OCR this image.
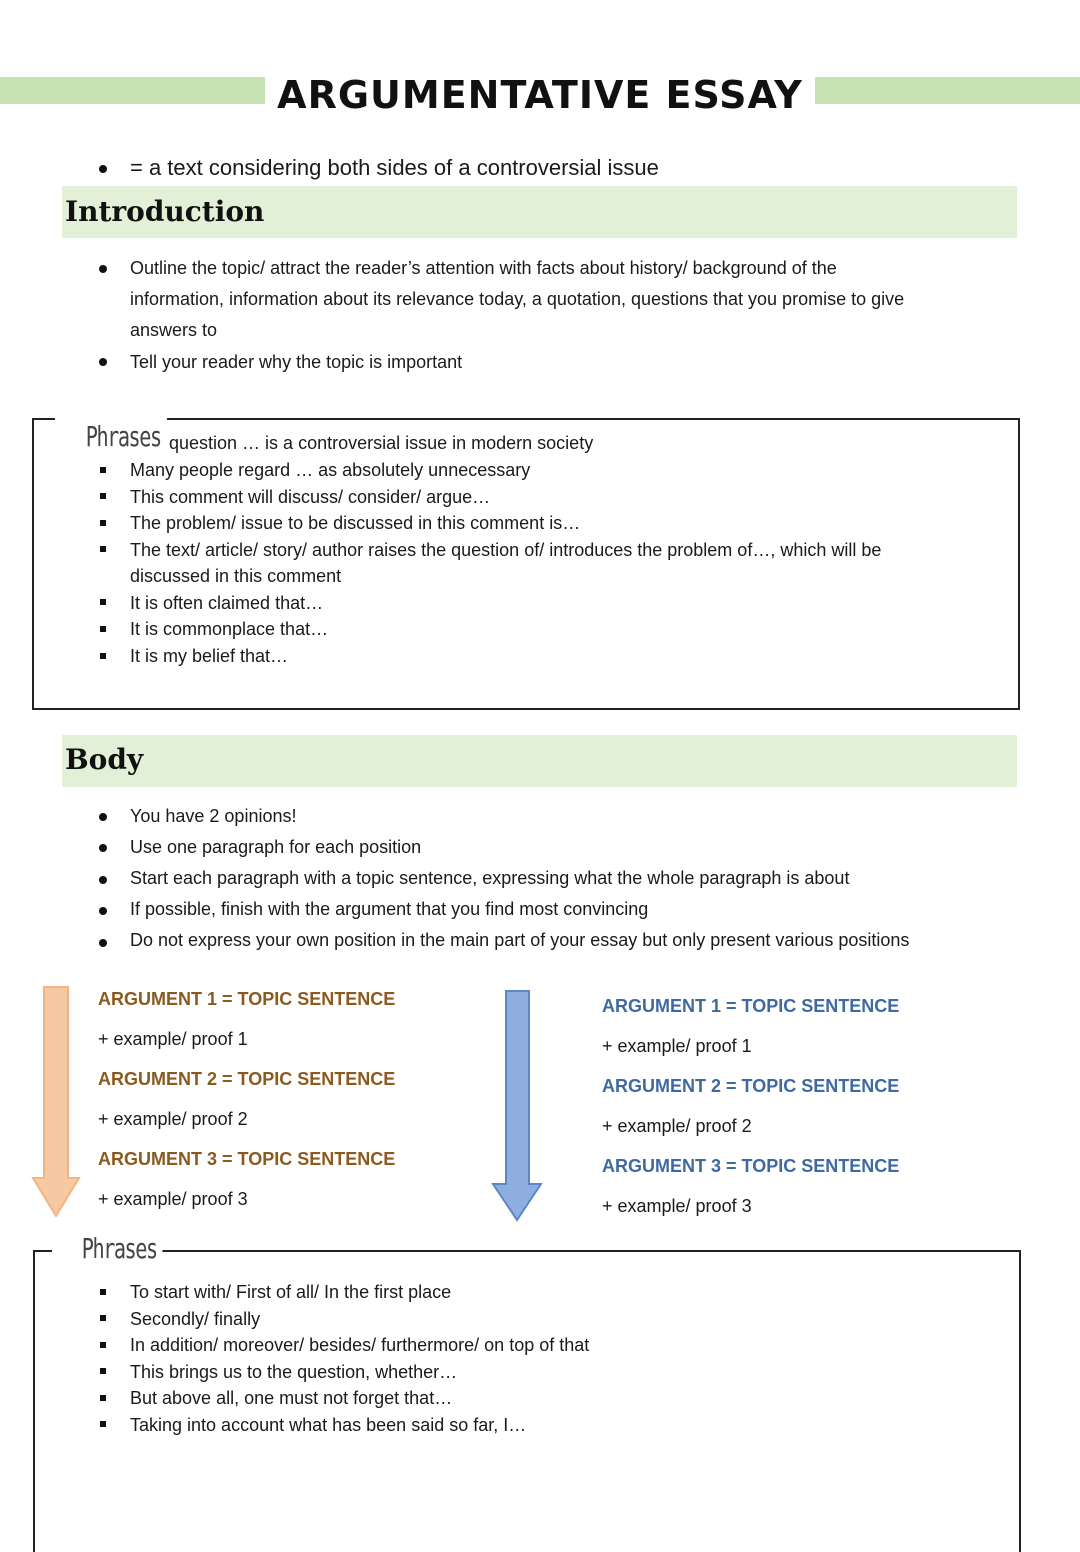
ARGUMENTATIVE ESSAY
= a text considering both sides of a controversial issue
Introduction
Outline the topic/ attract the reader’s attention with facts about history/ background of the
information, information about its relevance today, a quotation, questions that you promise to give
answers to
Tell your reader why the topic is important
Phrases question … is a controversial issue in modern society
Many people regard … as absolutely unnecessary
This comment will discuss/ consider/ argue…
The problem/ issue to be discussed in this comment is…
The text/ article/ story/ author raises the question of/ introduces the problem of…, which will be
discussed in this comment
It is often claimed that…
It is commonplace that…
It is my belief that…
Body
You have 2 opinions!
Use one paragraph for each position
Start each paragraph with a topic sentence, expressing what the whole paragraph is about
If possible, finish with the argument that you find most convincing
Do not express your own position in the main part of your essay but only present various positions
ARGUMENT 1 = TOPIC SENTENCE
+ example/ proof 1
ARGUMENT 2 = TOPIC SENTENCE
+ example/ proof 2
ARGUMENT 3 = TOPIC SENTENCE
+ example/ proof 3
ARGUMENT 1 = TOPIC SENTENCE
+ example/ proof 1
ARGUMENT 2 = TOPIC SENTENCE
+ example/ proof 2
ARGUMENT 3 = TOPIC SENTENCE
+ example/ proof 3
Phrases
To start with/ First of all/ In the first place
Secondly/ finally
In addition/ moreover/ besides/ furthermore/ on top of that
This brings us to the question, whether…
But above all, one must not forget that…
Taking into account what has been said so far, I…
